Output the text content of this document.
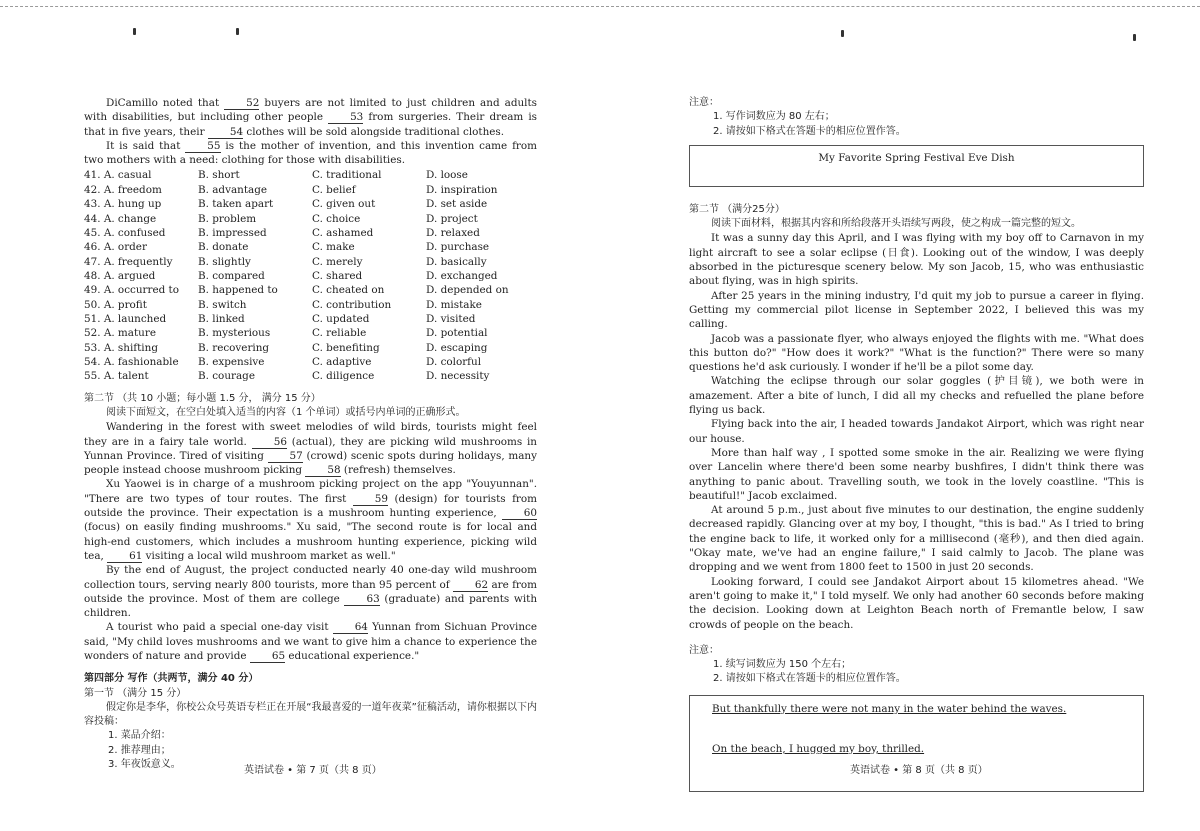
DiCamillo noted that 52 buyers are not limited to just children and adults with disabilities, but including other people 53 from surgeries. Their dream is that in five years, their 54 clothes will be sold alongside traditional clothes.

It is said that 55 is the mother of invention, and this invention came from two mothers with a need: clothing for those with disabilities.

41. A. casual	B. short	C. traditional	D. loose
42. A. freedom	B. advantage	C. belief	D. inspiration
43. A. hung up	B. taken apart	C. given out	D. set aside
44. A. change	B. problem	C. choice	D. project
45. A. confused	B. impressed	C. ashamed	D. relaxed
46. A. order	B. donate	C. make	D. purchase
47. A. frequently	B. slightly	C. merely	D. basically
48. A. argued	B. compared	C. shared	D. exchanged
49. A. occurred to	B. happened to	C. cheated on	D. depended on
50. A. profit	B. switch	C. contribution	D. mistake
51. A. launched	B. linked	C. updated	D. visited
52. A. mature	B. mysterious	C. reliable	D. potential
53. A. shifting	B. recovering	C. benefiting	D. escaping
54. A. fashionable	B. expensive	C. adaptive	D. colorful
55. A. talent	B. courage	C. diligence	D. necessity
第二节 （共 10 小题；每小题 1.5 分， 满分 15 分）

阅读下面短文，在空白处填入适当的内容（1 个单词）或括号内单词的正确形式。

Wandering in the forest with sweet melodies of wild birds, tourists might feel they are in a fairy tale world. 56 (actual), they are picking wild mushrooms in Yunnan Province. Tired of visiting 57 (crowd) scenic spots during holidays, many people instead choose mushroom picking 58 (refresh) themselves.

Xu Yaowei is in charge of a mushroom picking project on the app "Youyunnan". "There are two types of tour routes. The first 59 (design) for tourists from outside the province. Their expectation is a mushroom hunting experience, 60 (focus) on easily finding mushrooms." Xu said, "The second route is for local and high-end customers, which includes a mushroom hunting experience, picking wild tea, 61 visiting a local wild mushroom market as well."

By the end of August, the project conducted nearly 40 one-day wild mushroom collection tours, serving nearly 800 tourists, more than 95 percent of 62 are from outside the province. Most of them are college 63 (graduate) and parents with children.

A tourist who paid a special one-day visit 64 Yunnan from Sichuan Province said, "My child loves mushrooms and we want to give him a chance to experience the wonders of nature and provide 65 educational experience."

第四部分 写作（共两节，满分 40 分）
第一节 （满分 15 分）

假定你是李华，你校公众号英语专栏正在开展“我最喜爱的一道年夜菜”征稿活动，请你根据以下内容投稿：

1. 菜品介绍：
2. 推荐理由；
3. 年夜饭意义。
英语试卷 • 第 7 页（共 8 页）
注意：
1. 写作词数应为 80 左右；
2. 请按如下格式在答题卡的相应位置作答。
My Favorite Spring Festival Eve Dish
第二节 （满分25分）

阅读下面材料，根据其内容和所给段落开头语续写两段，使之构成一篇完整的短文。

It was a sunny day this April, and I was flying with my boy off to Carnavon in my light aircraft to see a solar eclipse (日食). Looking out of the window, I was deeply absorbed in the picturesque scenery below. My son Jacob, 15, who was enthusiastic about flying, was in high spirits.

After 25 years in the mining industry, I'd quit my job to pursue a career in flying. Getting my commercial pilot license in September 2022, I believed this was my calling.

Jacob was a passionate flyer, who always enjoyed the flights with me. "What does this button do?" "How does it work?" "What is the function?" There were so many questions he'd ask curiously. I wonder if he'll be a pilot some day.

Watching the eclipse through our solar goggles (护目镜), we both were in amazement. After a bite of lunch, I did all my checks and refuelled the plane before flying us back.

Flying back into the air, I headed towards Jandakot Airport, which was right near our house.

More than half way , I spotted some smoke in the air. Realizing we were flying over Lancelin where there'd been some nearby bushfires, I didn't think there was anything to panic about. Travelling south, we took in the lovely coastline. "This is beautiful!" Jacob exclaimed.

At around 5 p.m., just about five minutes to our destination, the engine suddenly decreased rapidly. Glancing over at my boy, I thought, "this is bad." As I tried to bring the engine back to life, it worked only for a millisecond (毫秒), and then died again. "Okay mate, we've had an engine failure," I said calmly to Jacob. The plane was dropping and we went from 1800 feet to 1500 in just 20 seconds.

Looking forward, I could see Jandakot Airport about 15 kilometres ahead. "We aren't going to make it," I told myself. We only had another 60 seconds before making the decision. Looking down at Leighton Beach north of Fremantle below, I saw crowds of people on the beach.

注意：
1. 续写词数应为 150 个左右；
2. 请按如下格式在答题卡的相应位置作答。
But thankfully there were not many in the water behind the waves.
On the beach, I hugged my boy, thrilled.
英语试卷 • 第 8 页（共 8 页）
